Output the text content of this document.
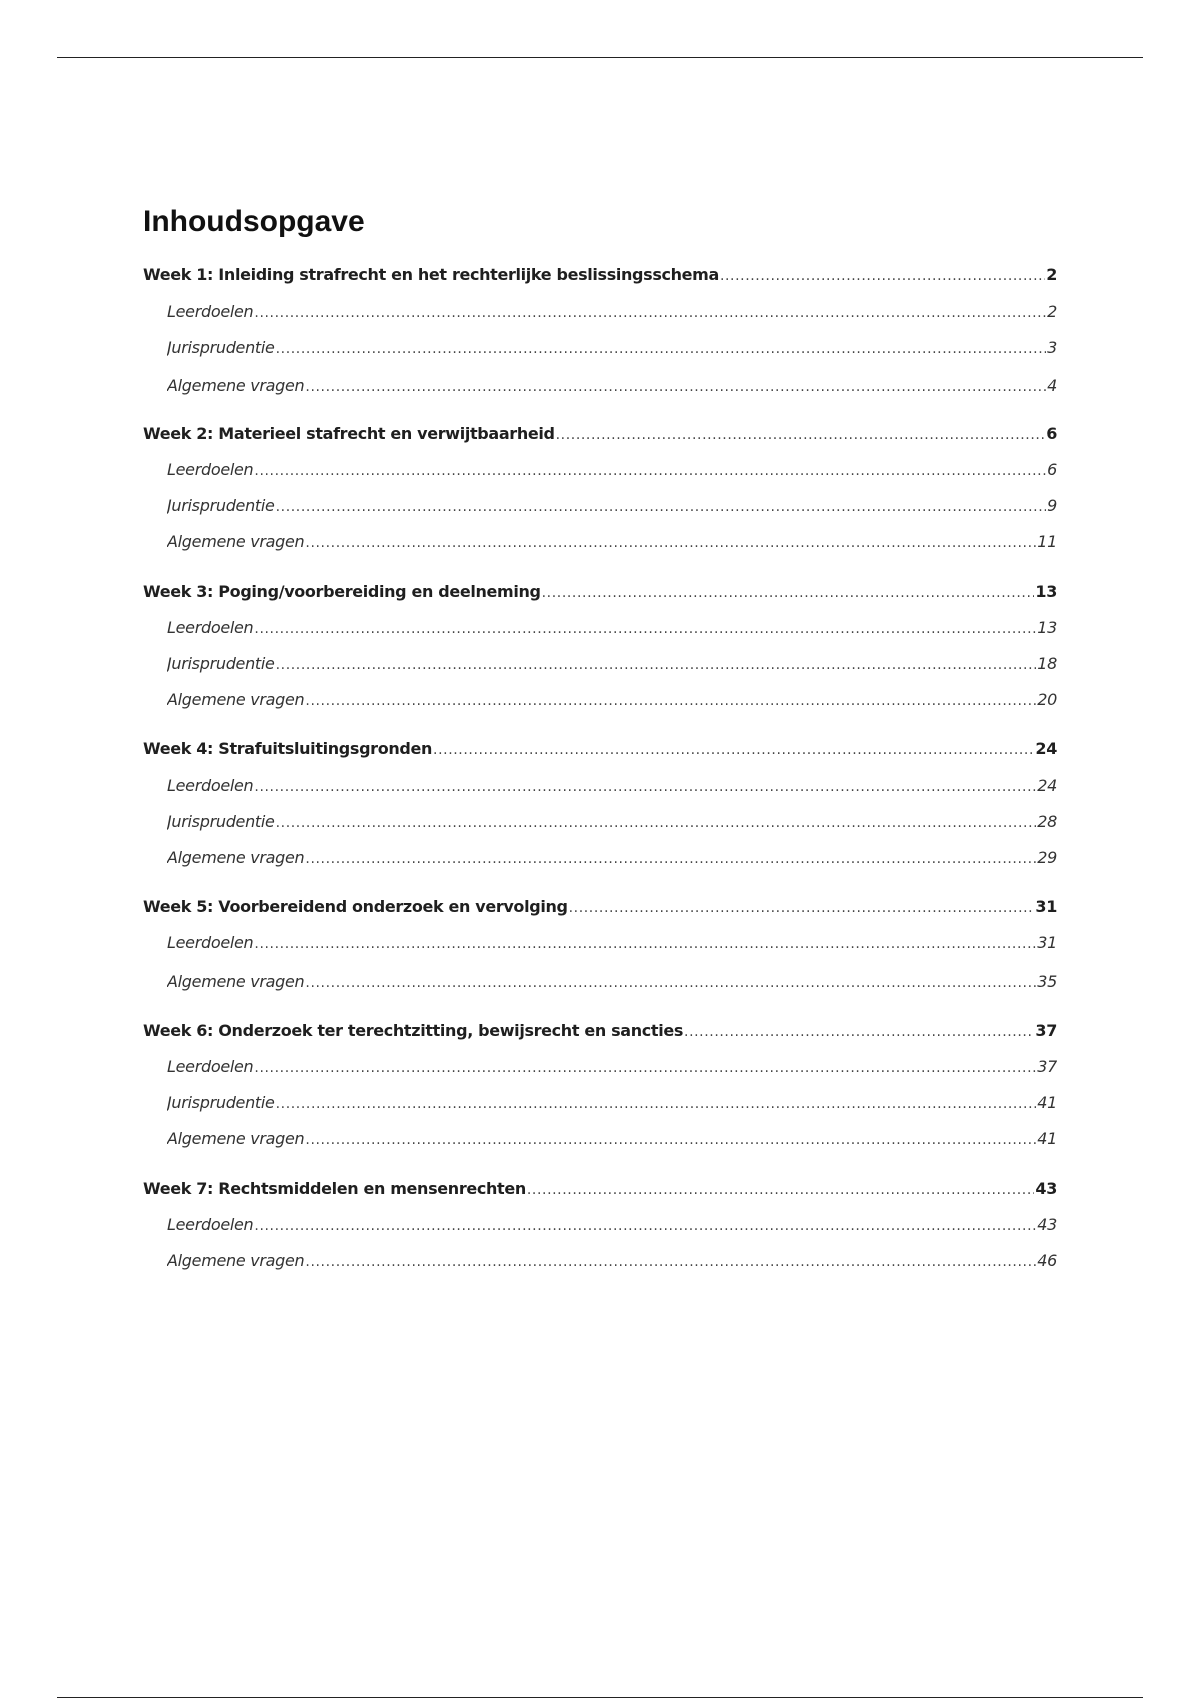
Inhoudsopgave
Week 1: Inleiding strafrecht en het rechterlijke beslissingsschema .....	2
Leerdoelen .....	2
Jurisprudentie .....	3
Algemene vragen .....	4
Week 2: Materieel stafrecht en verwijtbaarheid .....	6
Leerdoelen .....	6
Jurisprudentie .....	9
Algemene vragen .....	11
Week 3: Poging/voorbereiding en deelneming .....	13
Leerdoelen .....	13
Jurisprudentie .....	18
Algemene vragen .....	20
Week 4: Strafuitsluitingsgronden .....	24
Leerdoelen .....	24
Jurisprudentie .....	28
Algemene vragen .....	29
Week 5: Voorbereidend onderzoek en vervolging .....	31
Leerdoelen .....	31
Algemene vragen .....	35
Week 6: Onderzoek ter terechtzitting, bewijsrecht en sancties .....	37
Leerdoelen .....	37
Jurisprudentie .....	41
Algemene vragen .....	41
Week 7: Rechtsmiddelen en mensenrechten .....	43
Leerdoelen .....	43
Algemene vragen .....	46
